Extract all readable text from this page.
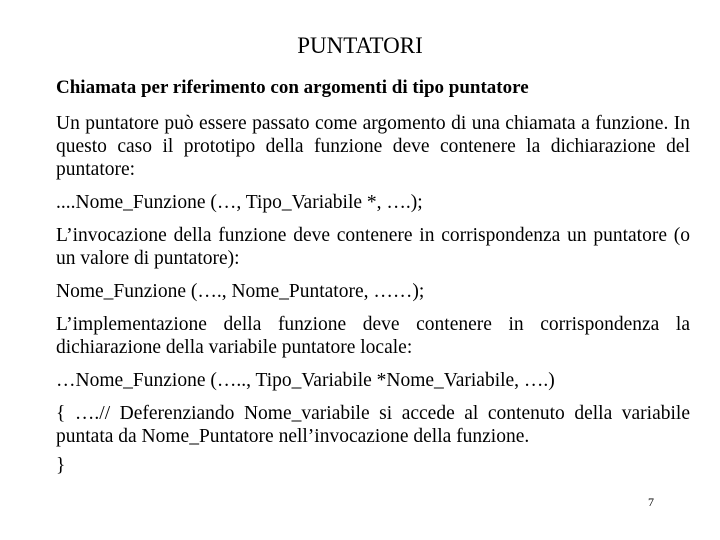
PUNTATORI
Chiamata per riferimento con argomenti di tipo puntatore

Un puntatore può essere passato come argomento di una chiamata a funzione. In questo caso il prototipo della funzione deve contenere la dichiarazione del puntatore:

....Nome_Funzione (…, Tipo_Variabile *, ….);

L’invocazione della funzione deve contenere in corrispondenza un puntatore (o un valore di puntatore):

Nome_Funzione (…., Nome_Puntatore, ……);

L’implementazione della funzione deve contenere in corrispondenza la dichiarazione della variabile puntatore locale:

…Nome_Funzione (….., Tipo_Variabile *Nome_Variabile, ….)

{ ….// Deferenziando Nome_variabile si accede al contenuto della variabile puntata da Nome_Puntatore nell’invocazione della funzione.

}

7
